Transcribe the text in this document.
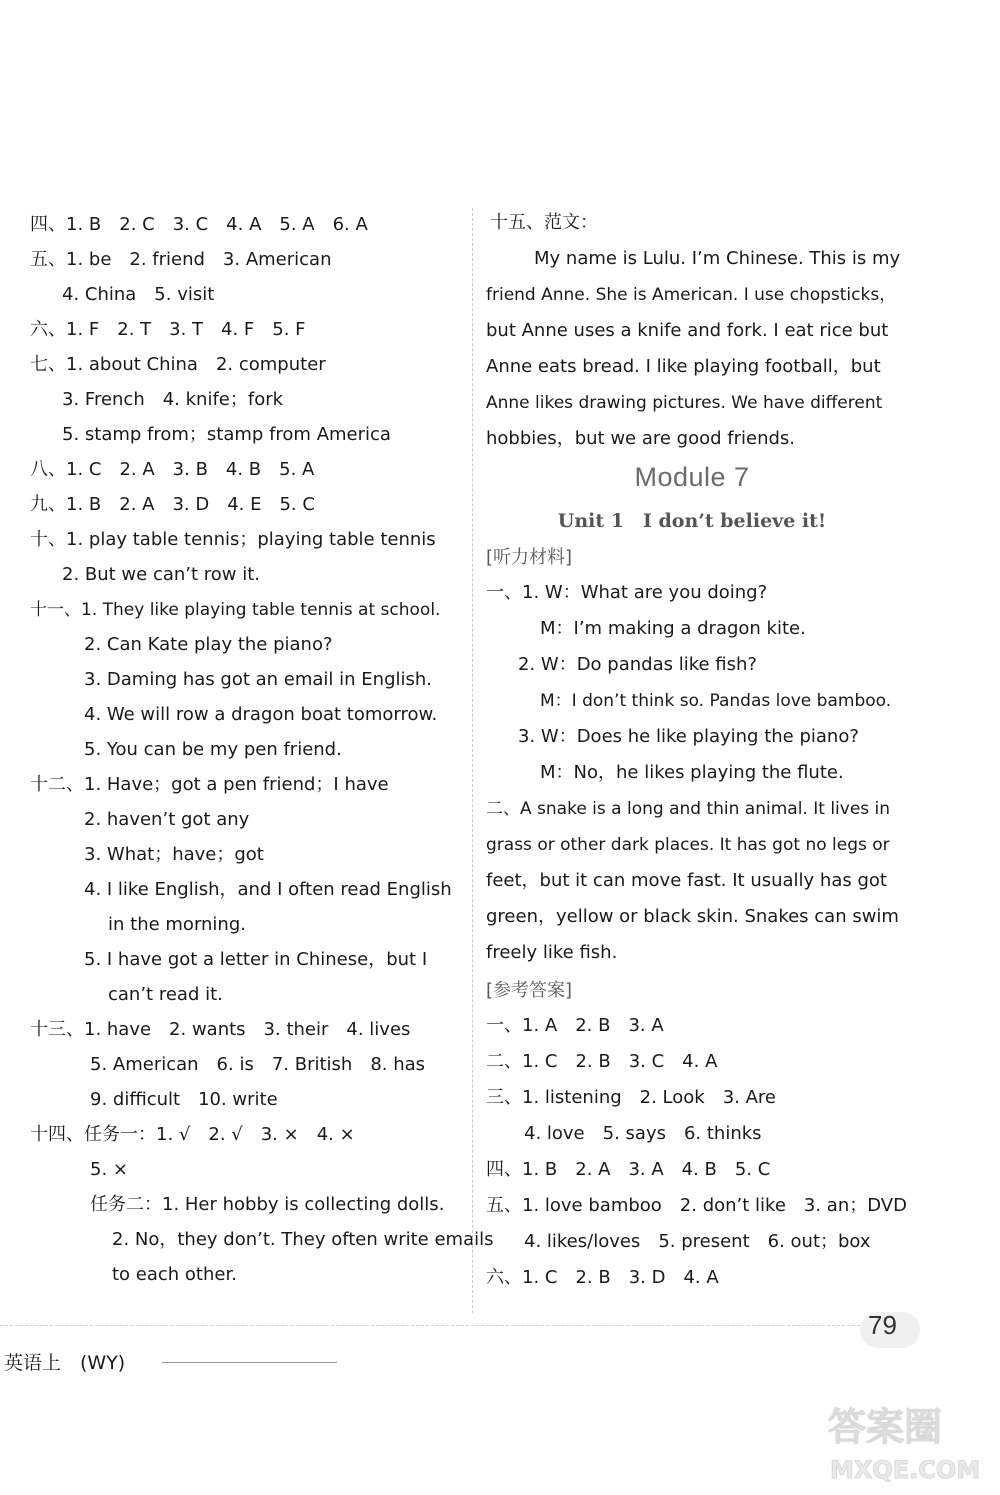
四、1. B　2. C　3. C　4. A　5. A　6. A
五、1. be　2. friend　3. American
4. China　5. visit
六、1. F　2. T　3. T　4. F　5. F
七、1. about China　2. computer
3. French　4. knife；fork
5. stamp from；stamp from America
八、1. C　2. A　3. B　4. B　5. A
九、1. B　2. A　3. D　4. E　5. C
十、1. play table tennis；playing table tennis
2. But we can’t row it.
十一、1. They like playing table tennis at school.
2. Can Kate play the piano?
3. Daming has got an email in English.
4. We will row a dragon boat tomorrow.
5. You can be my pen friend.
十二、1. Have；got a pen friend；I have
2. haven’t got any
3. What；have；got
4. I like English，and I often read English
in the morning.
5. I have got a letter in Chinese，but I
can’t read it.
十三、1. have　2. wants　3. their　4. lives
5. American　6. is　7. British　8. has
9. difficult　10. write
十四、任务一：1. √　2. √　3. ×　4. ×
5. ×
任务二：1. Her hobby is collecting dolls.
2. No，they don’t. They often write emails
to each other.
十五、范文：
My name is Lulu. I’m Chinese. This is my
friend Anne. She is American. I use chopsticks，
but Anne uses a knife and fork. I eat rice but
Anne eats bread. I like playing football，but
Anne likes drawing pictures. We have different
hobbies，but we are good friends.
Module 7
Unit 1　I don’t believe it!
[听力材料]
一、1. W：What are you doing?
M：I’m making a dragon kite.
2. W：Do pandas like fish?
M：I don’t think so. Pandas love bamboo.
3. W：Does he like playing the piano?
M：No，he likes playing the flute.
二、A snake is a long and thin animal. It lives in
grass or other dark places. It has got no legs or
feet，but it can move fast. It usually has got
green，yellow or black skin. Snakes can swim
freely like fish.
[参考答案]
一、1. A　2. B　3. A
二、1. C　2. B　3. C　4. A
三、1. listening　2. Look　3. Are
4. love　5. says　6. thinks
四、1. B　2. A　3. A　4. B　5. C
五、1. love bamboo　2. don’t like　3. an；DVD
4. likes/loves　5. present　6. out；box
六、1. C　2. B　3. D　4. A
79
英语上　(WY)
答案圈
MXQE.COM
